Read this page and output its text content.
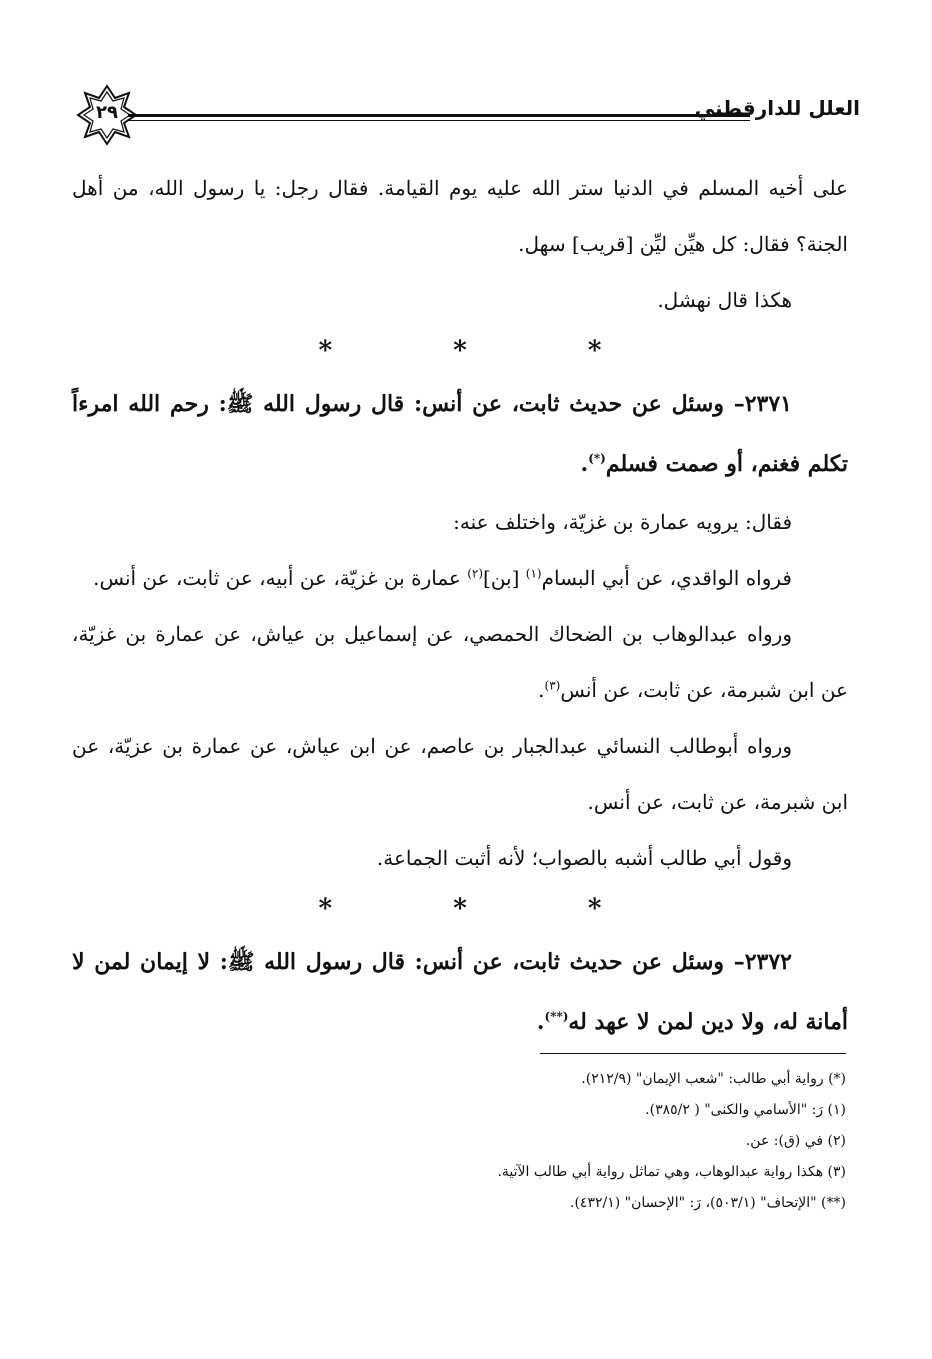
العلل للدارقطني
٢٩

على أخيه المسلم في الدنيا ستر الله عليه يوم القيامة. فقال رجل: يا رسول الله، من أهل الجنة؟ فقال: كل هيِّن ليِّن [قريب] سهل.

هكذا قال نهشل.

* * *

٢٣٧١– وسئل عن حديث ثابت، عن أنس: قال رسول الله ﷺ: رحم الله امرءاً تكلم فغنم، أو صمت فسلم(*).

فقال: يرويه عمارة بن غزيّة، واختلف عنه:

فرواه الواقدي، عن أبي البسام$^{(١)}$ [بن]$^{(٢)}$ عمارة بن غزيّة، عن أبيه، عن ثابت، عن أنس.

ورواه عبدالوهاب بن الضحاك الحمصي، عن إسماعيل بن عياش، عن عمارة بن غزيّة، عن ابن شبرمة، عن ثابت، عن أنس$^{(٣)}$.

ورواه أبوطالب النسائي عبدالجبار بن عاصم، عن ابن عياش، عن عمارة بن عزيّة، عن ابن شبرمة، عن ثابت، عن أنس.

وقول أبي طالب أشبه بالصواب؛ لأنه أثبت الجماعة.

* * *

٢٣٧٢– وسئل عن حديث ثابت، عن أنس: قال رسول الله ﷺ: لا إيمان لمن لا أمانة له، ولا دين لمن لا عهد له(**).

(*) رواية أبي طالب: "شعب الإيمان" (٢١٢/٩).

(١) رَ: "الأسامي والكنى" ( ٣٨٥/٢).

(٢) في (ق): عن.

(٣) هكذا رواية عبدالوهاب، وهي تماثل رواية أبي طالب الآتية.

(**) "الإتحاف" (٥٠٣/١)، رَ: "الإحسان" (٤٣٢/١).
